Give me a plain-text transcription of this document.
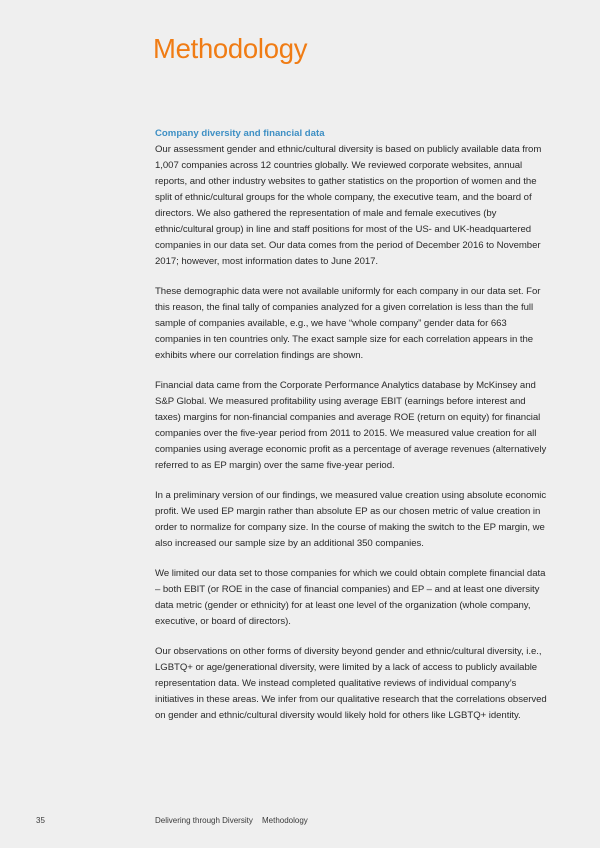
Methodology
Company diversity and financial data

Our assessment gender and ethnic/cultural diversity is based on publicly available data from 1,007 companies across 12 countries globally. We reviewed corporate websites, annual reports, and other industry websites to gather statistics on the proportion of women and the split of ethnic/cultural groups for the whole company, the executive team, and the board of directors. We also gathered the representation of male and female executives (by ethnic/cultural group) in line and staff positions for most of the US- and UK-headquartered companies in our data set. Our data comes from the period of December 2016 to November 2017; however, most information dates to June 2017.

These demographic data were not available uniformly for each company in our data set. For this reason, the final tally of companies analyzed for a given correlation is less than the full sample of companies available, e.g., we have “whole company” gender data for 663 companies in ten countries only. The exact sample size for each correlation appears in the exhibits where our correlation findings are shown.

Financial data came from the Corporate Performance Analytics database by McKinsey and S&P Global. We measured profitability using average EBIT (earnings before interest and taxes) margins for non-financial companies and average ROE (return on equity) for financial companies over the five-year period from 2011 to 2015. We measured value creation for all companies using average economic profit as a percentage of average revenues (alternatively referred to as EP margin) over the same five-year period.

In a preliminary version of our findings, we measured value creation using absolute economic profit. We used EP margin rather than absolute EP as our chosen metric of value creation in order to normalize for company size. In the course of making the switch to the EP margin, we also increased our sample size by an additional 350 companies.

We limited our data set to those companies for which we could obtain complete financial data – both EBIT (or ROE in the case of financial companies) and EP – and at least one diversity data metric (gender or ethnicity) for at least one level of the organization (whole company, executive, or board of directors).

Our observations on other forms of diversity beyond gender and ethnic/cultural diversity, i.e., LGBTQ+ or age/generational diversity, were limited by a lack of access to publicly available representation data. We instead completed qualitative reviews of individual company’s initiatives in these areas. We infer from our qualitative research that the correlations observed on gender and ethnic/cultural diversity would likely hold for others like LGBTQ+ identity.

35	Delivering through Diversity Methodology
